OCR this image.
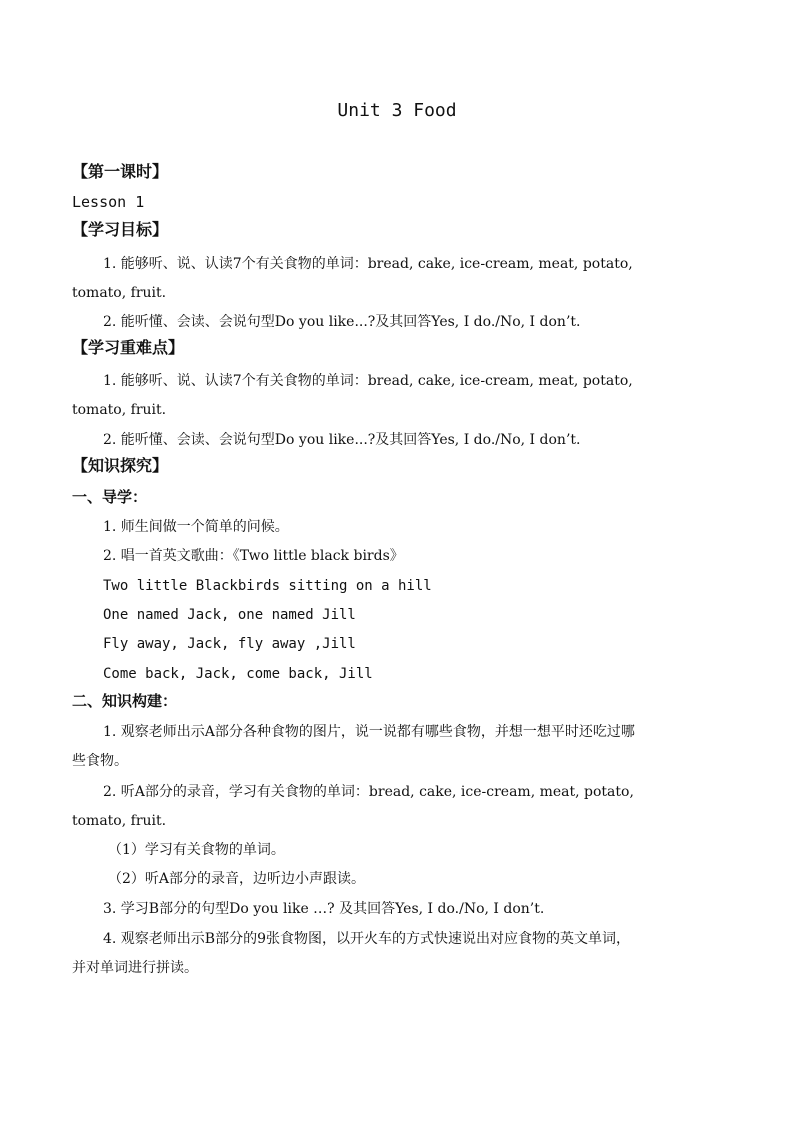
Unit 3 Food
【第一课时】
Lesson 1
【学习目标】
1. 能够听、说、认读7个有关食物的单词：bread, cake, ice-cream, meat, potato,
tomato, fruit.
2. 能听懂、会读、会说句型Do you like...?及其回答Yes, I do./No, I don’t.
【学习重难点】
1. 能够听、说、认读7个有关食物的单词：bread, cake, ice-cream, meat, potato,
tomato, fruit.
2. 能听懂、会读、会说句型Do you like...?及其回答Yes, I do./No, I don’t.
【知识探究】
一、导学：
1. 师生间做一个简单的问候。
2. 唱一首英文歌曲：《Two little black birds》
Two little Blackbirds sitting on a hill
One named Jack, one named Jill
Fly away, Jack, fly away ,Jill
Come back, Jack, come back, Jill
二、知识构建：
1. 观察老师出示A部分各种食物的图片，说一说都有哪些食物，并想一想平时还吃过哪
些食物。
2. 听A部分的录音，学习有关食物的单词：bread, cake, ice-cream, meat, potato,
tomato, fruit.
（1）学习有关食物的单词。
（2）听A部分的录音，边听边小声跟读。
3. 学习B部分的句型Do you like …? 及其回答Yes, I do./No, I don’t.
4. 观察老师出示B部分的9张食物图，以开火车的方式快速说出对应食物的英文单词，
并对单词进行拼读。
